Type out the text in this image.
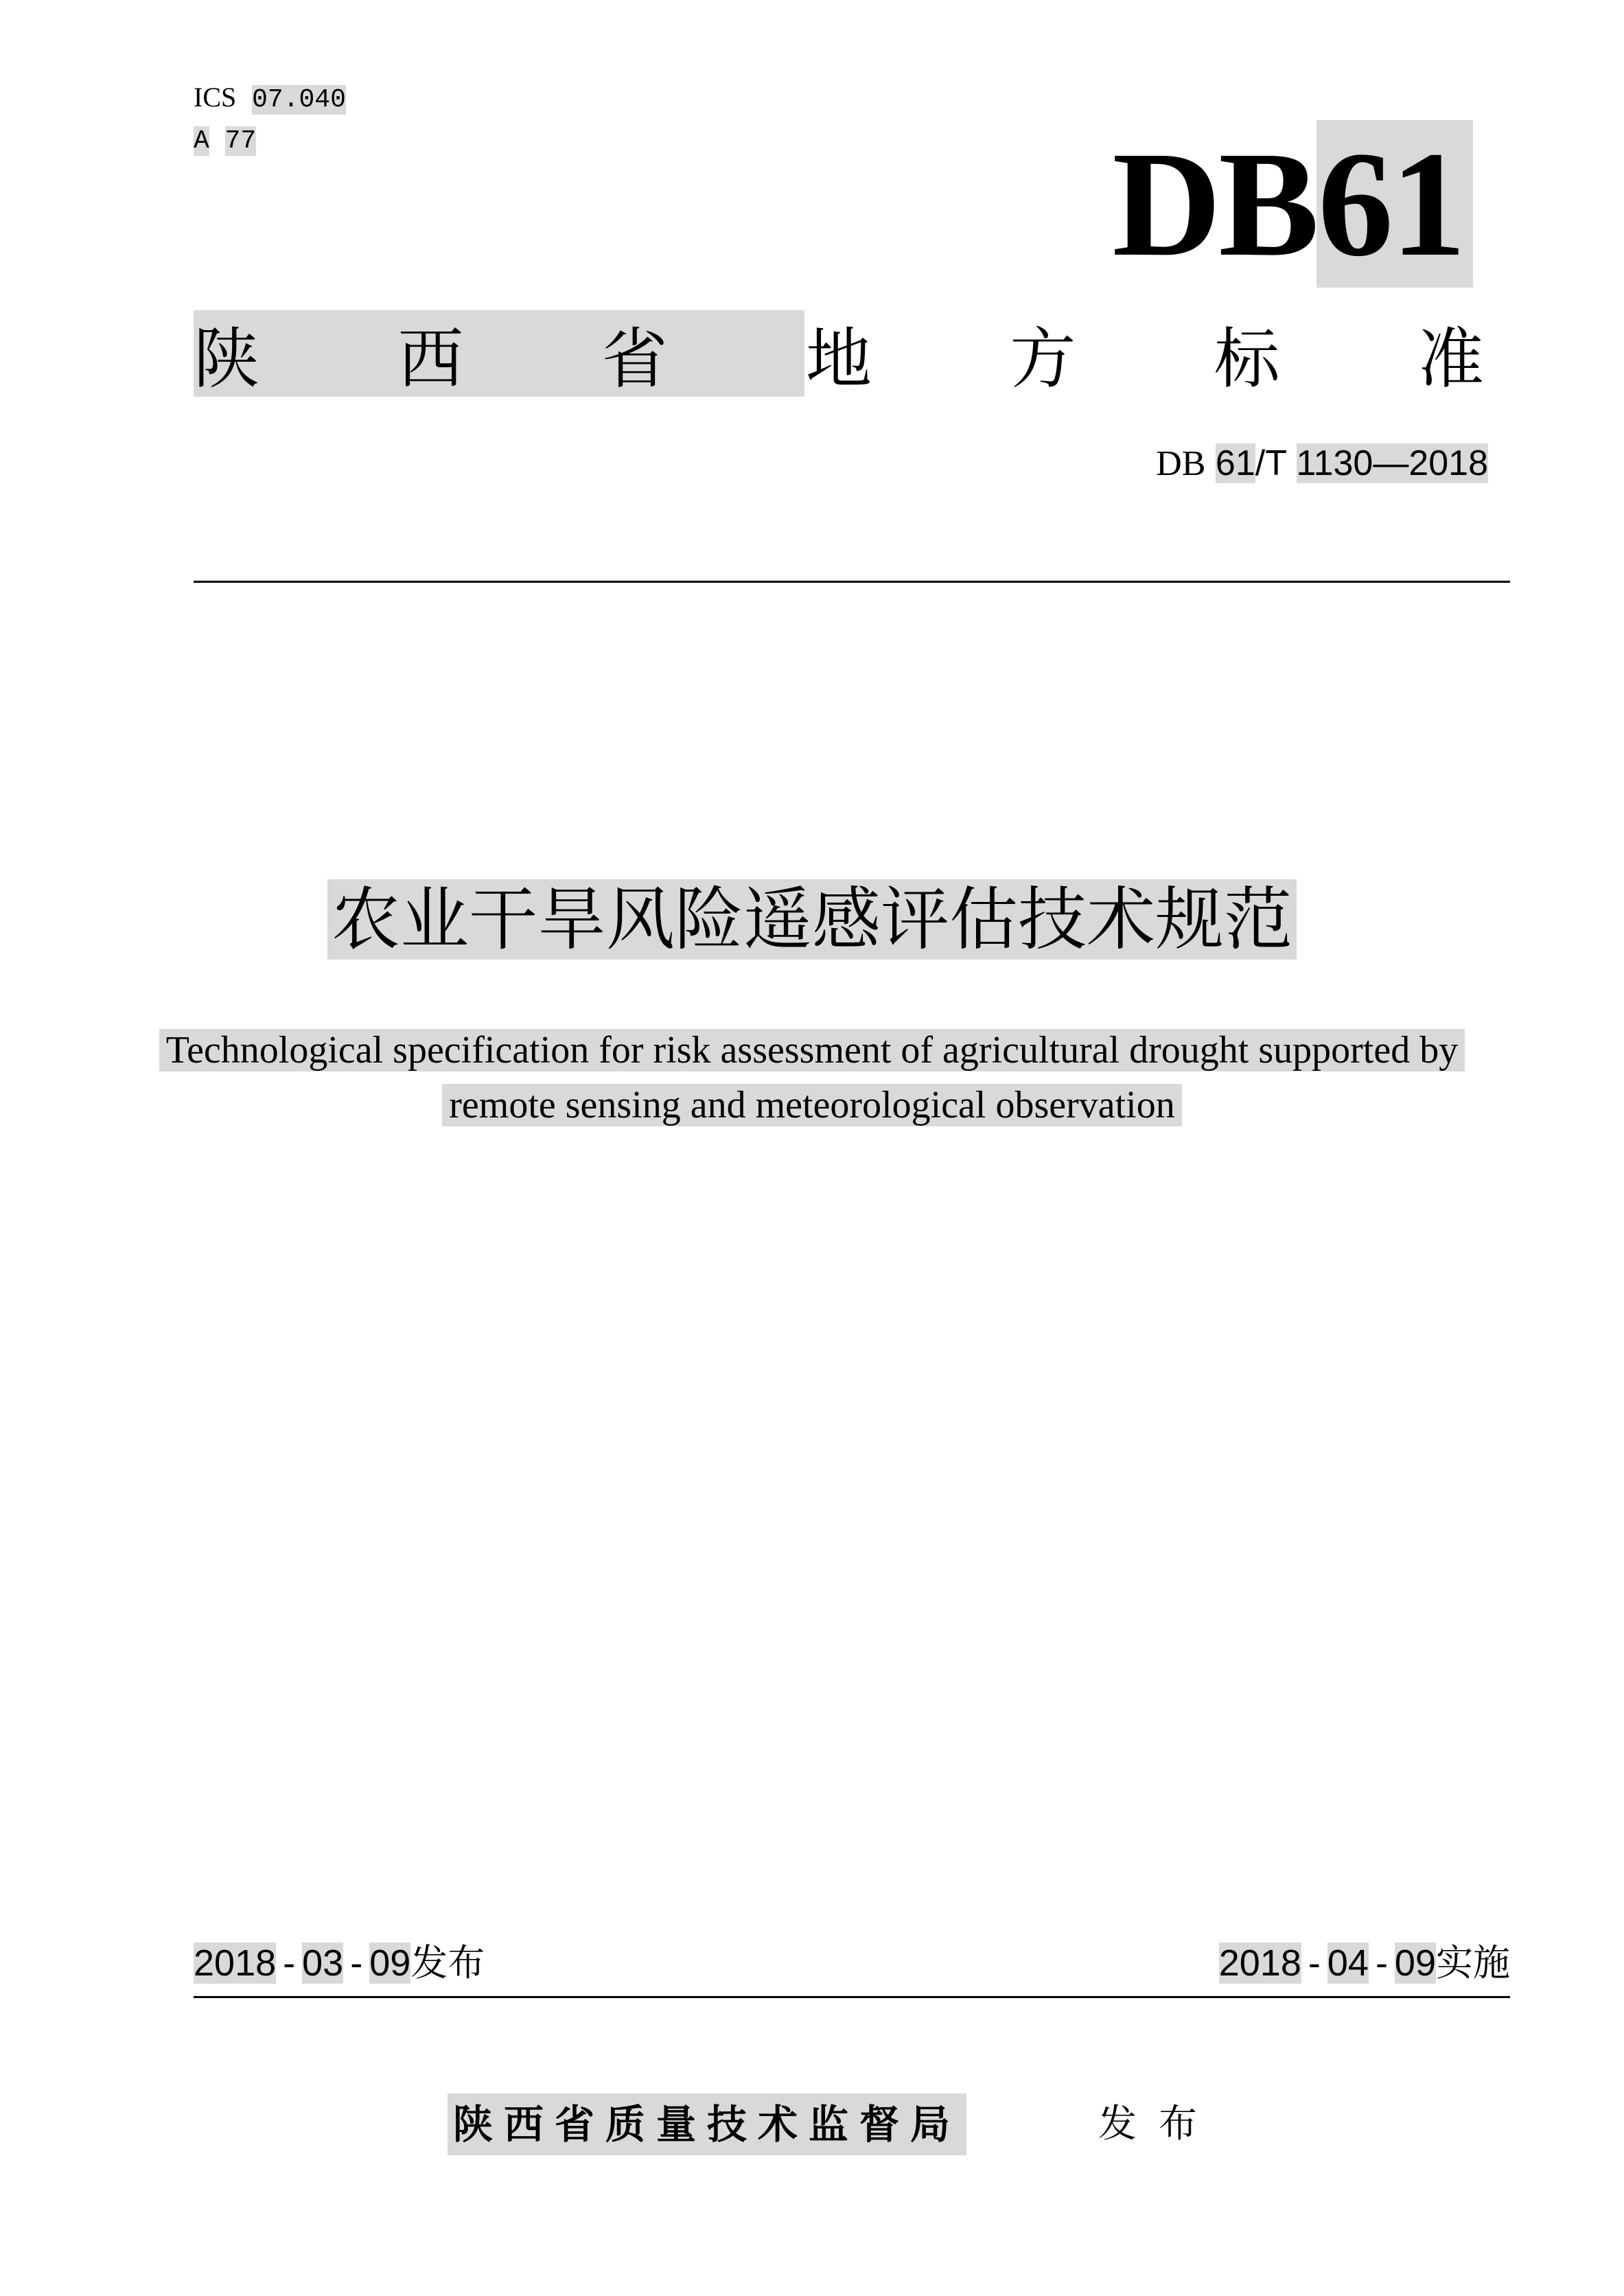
ICS 07.040
A 77	DB61
陕 西 省 地 方 标 准
DB 61/T 1130—2018
农业干旱风险遥感评估技术规范
Technological specification for risk assessment of agricultural drought supported by
remote sensing and meteorological observation
2018 - 03 - 09发布	2018 - 04 - 09实施
陕西省质量技术监督局	发布
